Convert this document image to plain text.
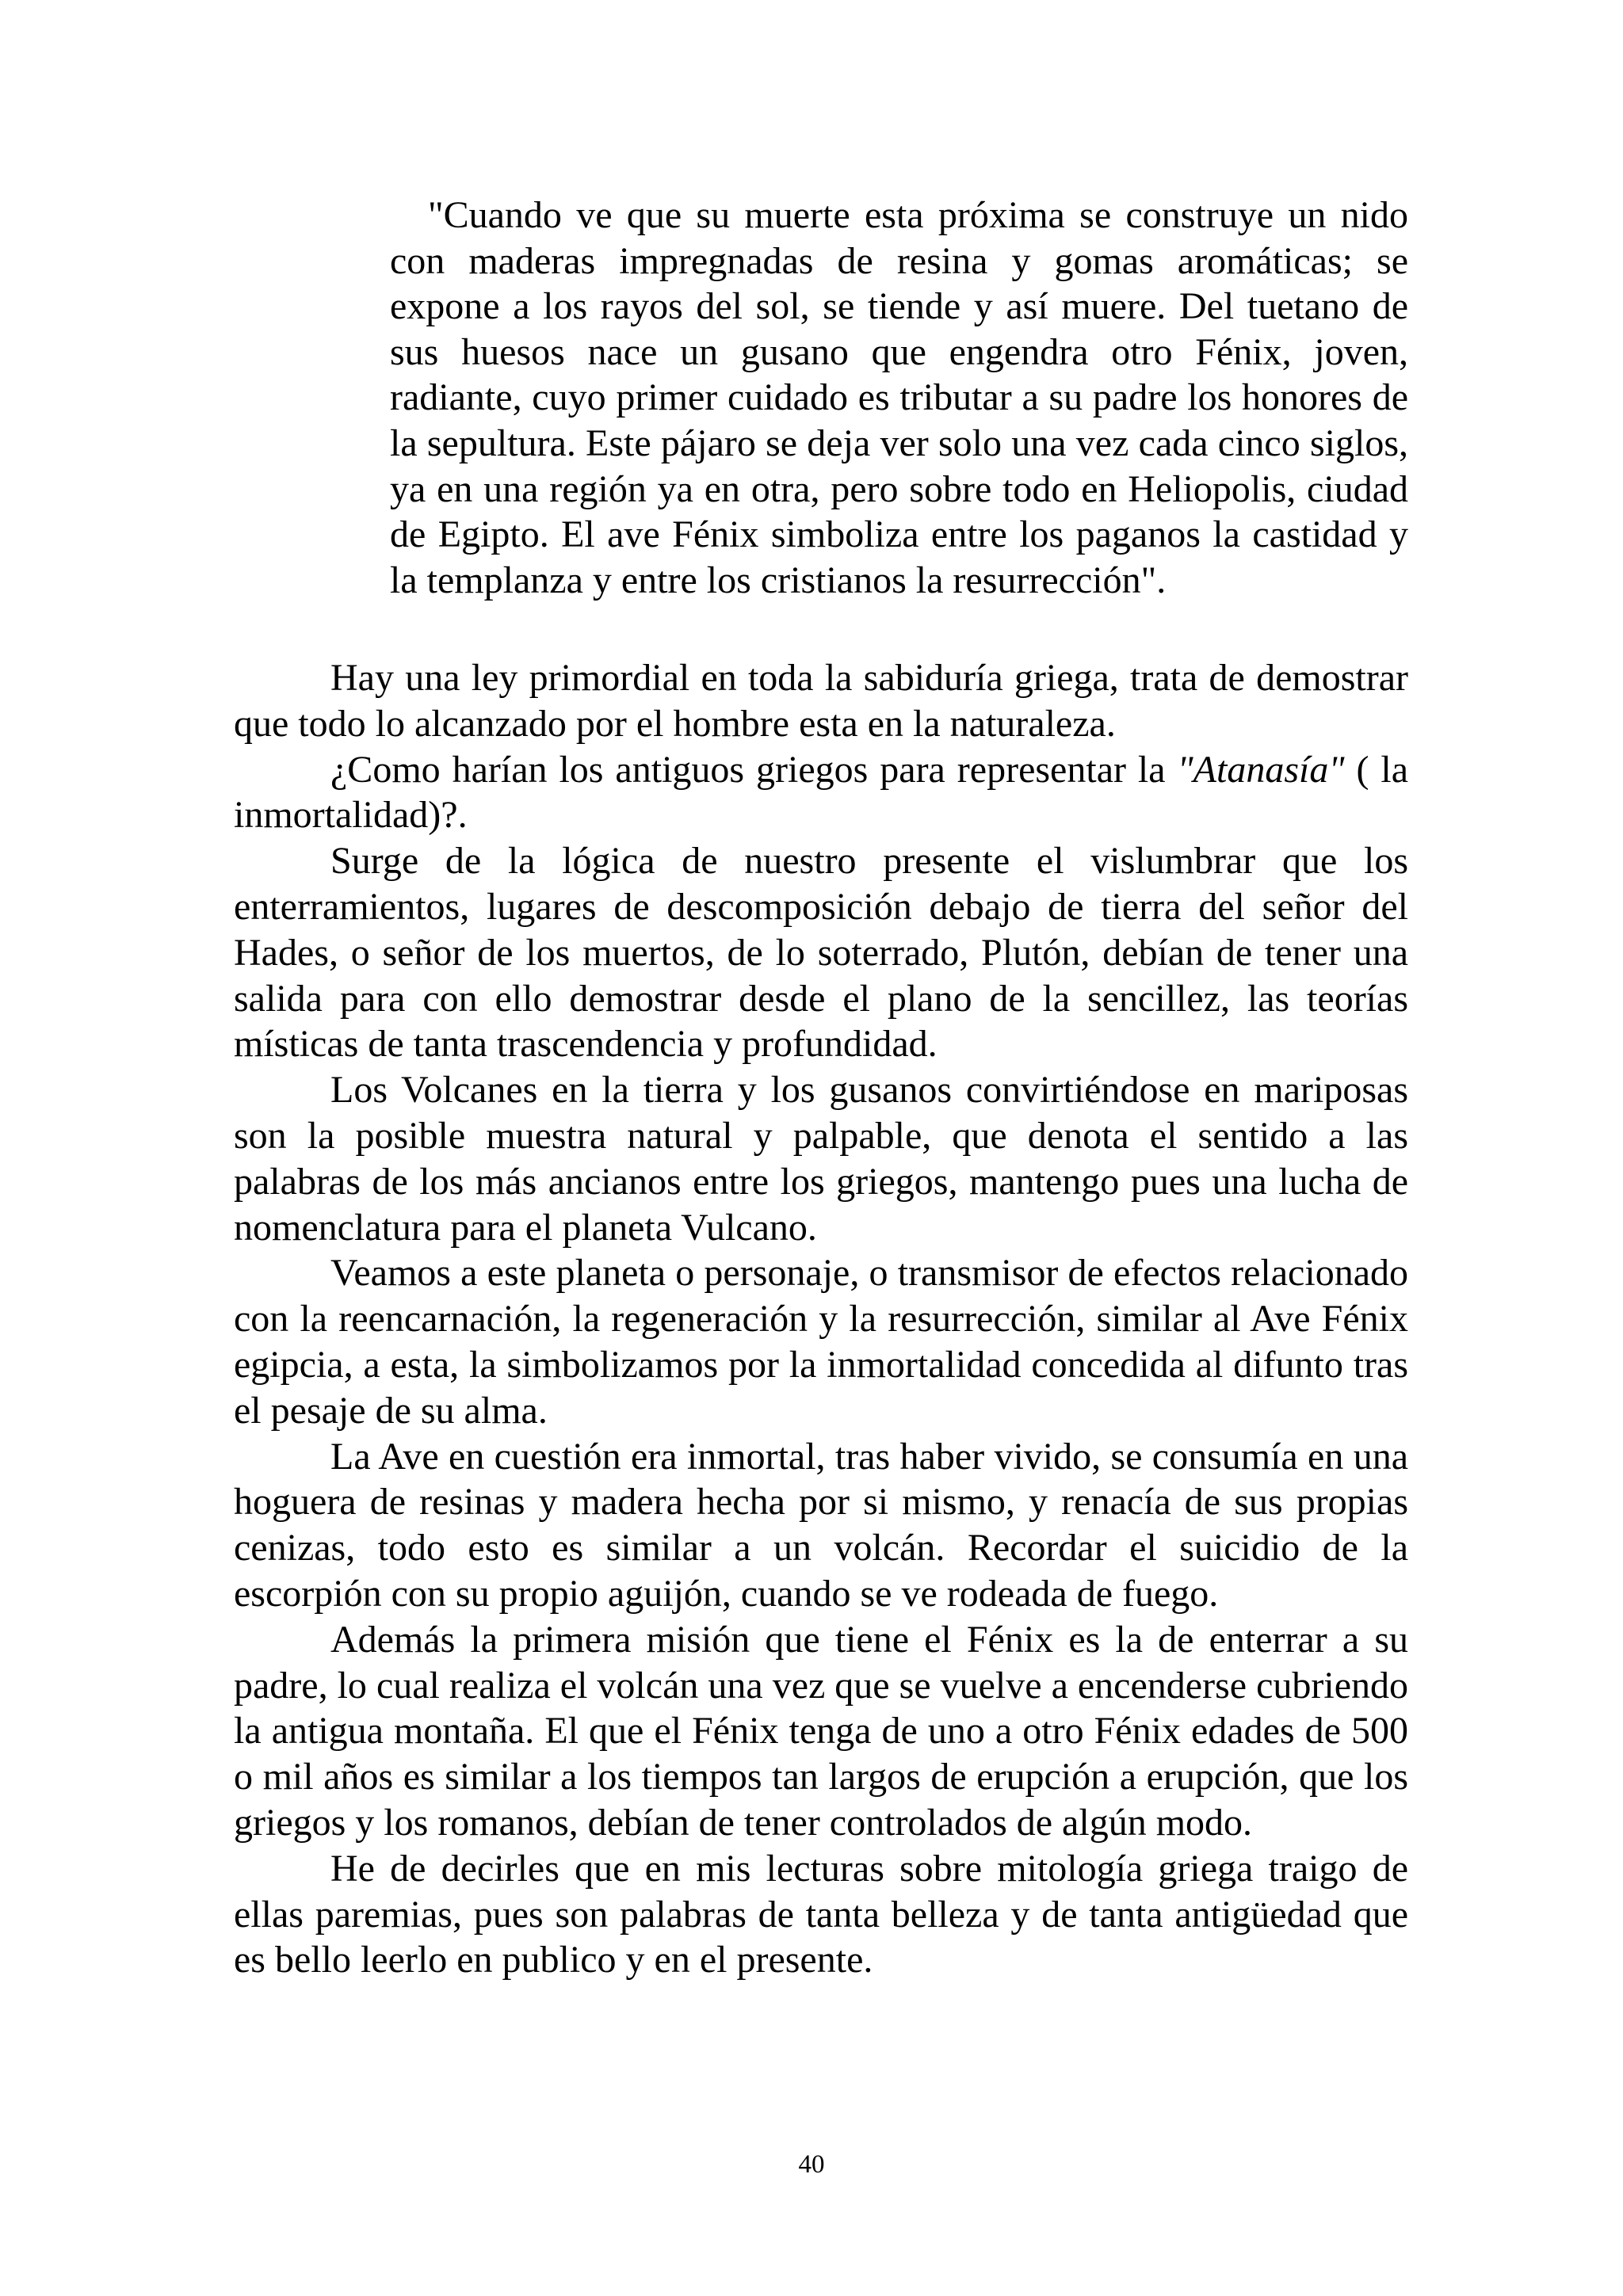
"Cuando ve que su muerte esta próxima se construye un nido con maderas impregnadas de resina y gomas aromáticas; se expone a los rayos del sol, se tiende y así muere. Del tuetano de sus huesos nace un gusano que engendra otro Fénix, joven, radiante, cuyo primer cuidado es tributar a su padre los honores de la sepultura. Este pájaro se deja ver solo una vez cada cinco siglos, ya en una región ya en otra, pero sobre todo en Heliopolis, ciudad de Egipto. El ave Fénix simboliza entre los paganos la castidad y la templanza y entre los cristianos la resurrección".

Hay una ley primordial en toda la sabiduría griega, trata de demostrar que todo lo alcanzado por el hombre esta en la naturaleza.

¿Como harían los antiguos griegos para representar la "Atanasía" ( la inmortalidad)?.

Surge de la lógica de nuestro presente el vislumbrar que los enterramientos, lugares de descomposición debajo de tierra del señor del Hades, o señor de los muertos, de lo soterrado, Plutón, debían de tener una salida para con ello demostrar desde el plano de la sencillez, las teorías místicas de tanta trascendencia y profundidad.

Los Volcanes en la tierra y los gusanos convirtiéndose en mariposas son la posible muestra natural y palpable, que denota el sentido a las palabras de los más ancianos entre los griegos, mantengo pues una lucha de nomenclatura para el planeta Vulcano.

Veamos a este planeta o personaje, o transmisor de efectos relacionado con la reencarnación, la regeneración y la resurrección, similar al Ave Fénix egipcia, a esta, la simbolizamos por la inmortalidad concedida al difunto tras el pesaje de su alma.

La Ave en cuestión era inmortal, tras haber vivido, se consumía en una hoguera de resinas y madera hecha por si mismo, y renacía de sus propias cenizas, todo esto es similar a un volcán. Recordar el suicidio de la escorpión con su propio aguijón, cuando se ve rodeada de fuego.

Además la primera misión que tiene el Fénix es la de enterrar a su padre, lo cual realiza el volcán una vez que se vuelve a encenderse cubriendo la antigua montaña. El que el Fénix tenga de uno a otro Fénix edades de 500 o mil años es similar a los tiempos tan largos de erupción a erupción, que los griegos y los romanos, debían de tener controlados de algún modo.

He de decirles que en mis lecturas sobre mitología griega traigo de ellas paremias, pues son palabras de tanta belleza y de tanta antigüedad que es bello leerlo en publico y en el presente.

40
